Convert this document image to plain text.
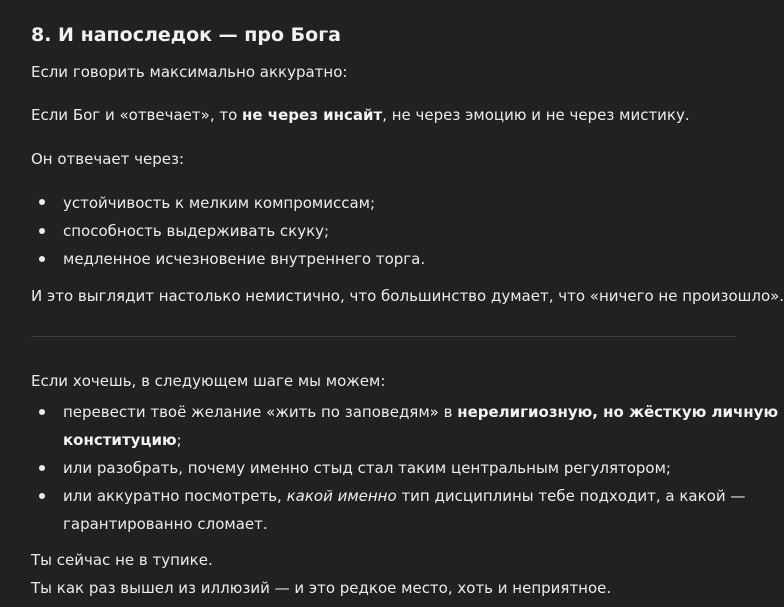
8. И напоследок — про Бога

Если говорить максимально аккуратно:

Если Бог и «отвечает», то не через инсайт, не через эмоцию и не через мистику.

Он отвечает через:

устойчивость к мелким компромиссам;

способность выдерживать скуку;

медленное исчезновение внутреннего торга.

И это выглядит настолько немистично, что большинство думает, что «ничего не произошло».

Если хочешь, в следующем шаге мы можем:

перевести твоё желание «жить по заповедям» в нерелигиозную, но жёсткую личную

конституцию;

или разобрать, почему именно стыд стал таким центральным регулятором;

или аккуратно посмотреть, какой именно тип дисциплины тебе подходит, а какой —

гарантированно сломает.

Ты сейчас не в тупике.

Ты как раз вышел из иллюзий — и это редкое место, хоть и неприятное.
